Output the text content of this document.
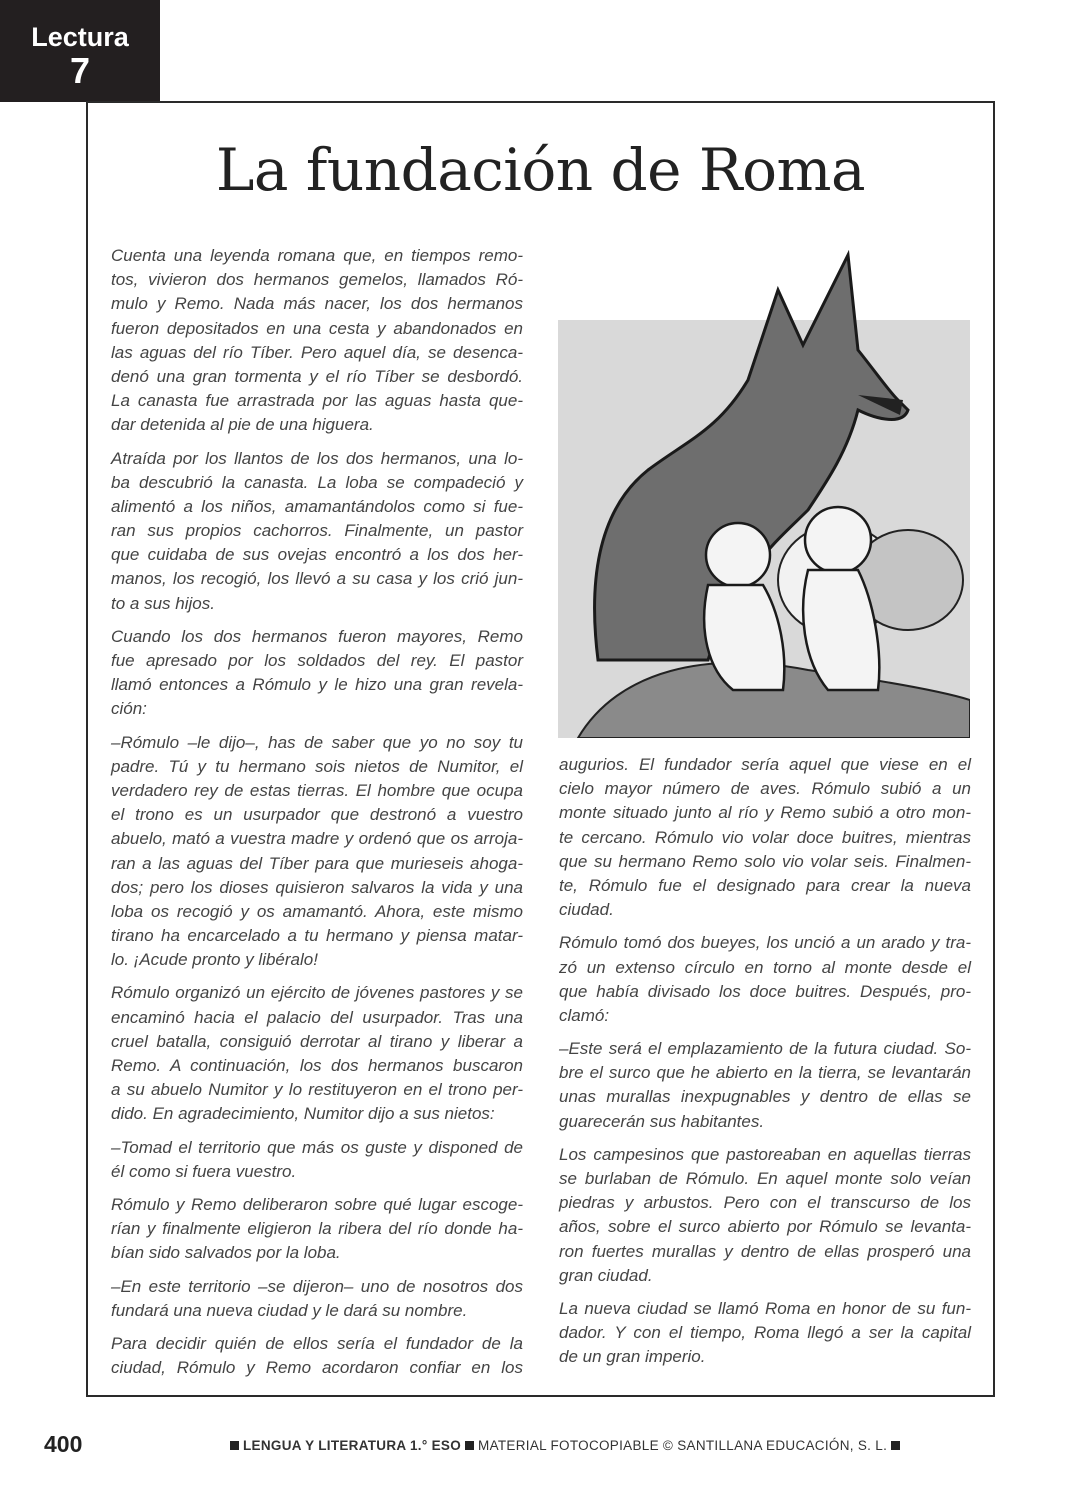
Lectura
7
La fundación de Roma
Cuenta una leyenda romana que, en tiempos remo-
tos, vivieron dos hermanos gemelos, llamados Ró-
mulo y Remo. Nada más nacer, los dos hermanos
fueron depositados en una cesta y abandonados en
las aguas del río Tíber. Pero aquel día, se desenca-
denó una gran tormenta y el río Tíber se desbordó.
La canasta fue arrastrada por las aguas hasta que-
dar detenida al pie de una higuera.
Atraída por los llantos de los dos hermanos, una lo-
ba descubrió la canasta. La loba se compadeció y
alimentó a los niños, amamantándolos como si fue-
ran sus propios cachorros. Finalmente, un pastor
que cuidaba de sus ovejas encontró a los dos her-
manos, los recogió, los llevó a su casa y los crió jun-
to a sus hijos.
Cuando los dos hermanos fueron mayores, Remo
fue apresado por los soldados del rey. El pastor
llamó entonces a Rómulo y le hizo una gran revela-
ción:
–Rómulo –le dijo–, has de saber que yo no soy tu
padre. Tú y tu hermano sois nietos de Numitor, el
verdadero rey de estas tierras. El hombre que ocupa
el trono es un usurpador que destronó a vuestro
abuelo, mató a vuestra madre y ordenó que os arroja-
ran a las aguas del Tíber para que murieseis ahoga-
dos; pero los dioses quisieron salvaros la vida y una
loba os recogió y os amamantó. Ahora, este mismo
tirano ha encarcelado a tu hermano y piensa matar-
lo. ¡Acude pronto y libéralo!
Rómulo organizó un ejército de jóvenes pastores y se
encaminó hacia el palacio del usurpador. Tras una
cruel batalla, consiguió derrotar al tirano y liberar a
Remo. A continuación, los dos hermanos buscaron
a su abuelo Numitor y lo restituyeron en el trono per-
dido. En agradecimiento, Numitor dijo a sus nietos:
–Tomad el territorio que más os guste y disponed de
él como si fuera vuestro.
Rómulo y Remo deliberaron sobre qué lugar escoge-
rían y finalmente eligieron la ribera del río donde ha-
bían sido salvados por la loba.
–En este territorio –se dijeron– uno de nosotros dos
fundará una nueva ciudad y le dará su nombre.
Para decidir quién de ellos sería el fundador de la
ciudad, Rómulo y Remo acordaron confiar en los
augurios. El fundador sería aquel que viese en el
cielo mayor número de aves. Rómulo subió a un
monte situado junto al río y Remo subió a otro mon-
te cercano. Rómulo vio volar doce buitres, mientras
que su hermano Remo solo vio volar seis. Finalmen-
te, Rómulo fue el designado para crear la nueva
ciudad.
Rómulo tomó dos bueyes, los unció a un arado y tra-
zó un extenso círculo en torno al monte desde el
que había divisado los doce buitres. Después, pro-
clamó:
–Este será el emplazamiento de la futura ciudad. So-
bre el surco que he abierto en la tierra, se levantarán
unas murallas inexpugnables y dentro de ellas se
guarecerán sus habitantes.
Los campesinos que pastoreaban en aquellas tierras
se burlaban de Rómulo. En aquel monte solo veían
piedras y arbustos. Pero con el transcurso de los
años, sobre el surco abierto por Rómulo se levanta-
ron fuertes murallas y dentro de ellas prosperó una
gran ciudad.
La nueva ciudad se llamó Roma en honor de su fun-
dador. Y con el tiempo, Roma llegó a ser la capital
de un gran imperio.
400	LENGUA Y LITERATURA 1.° ESO MATERIAL FOTOCOPIABLE © SANTILLANA EDUCACIÓN, S. L.
